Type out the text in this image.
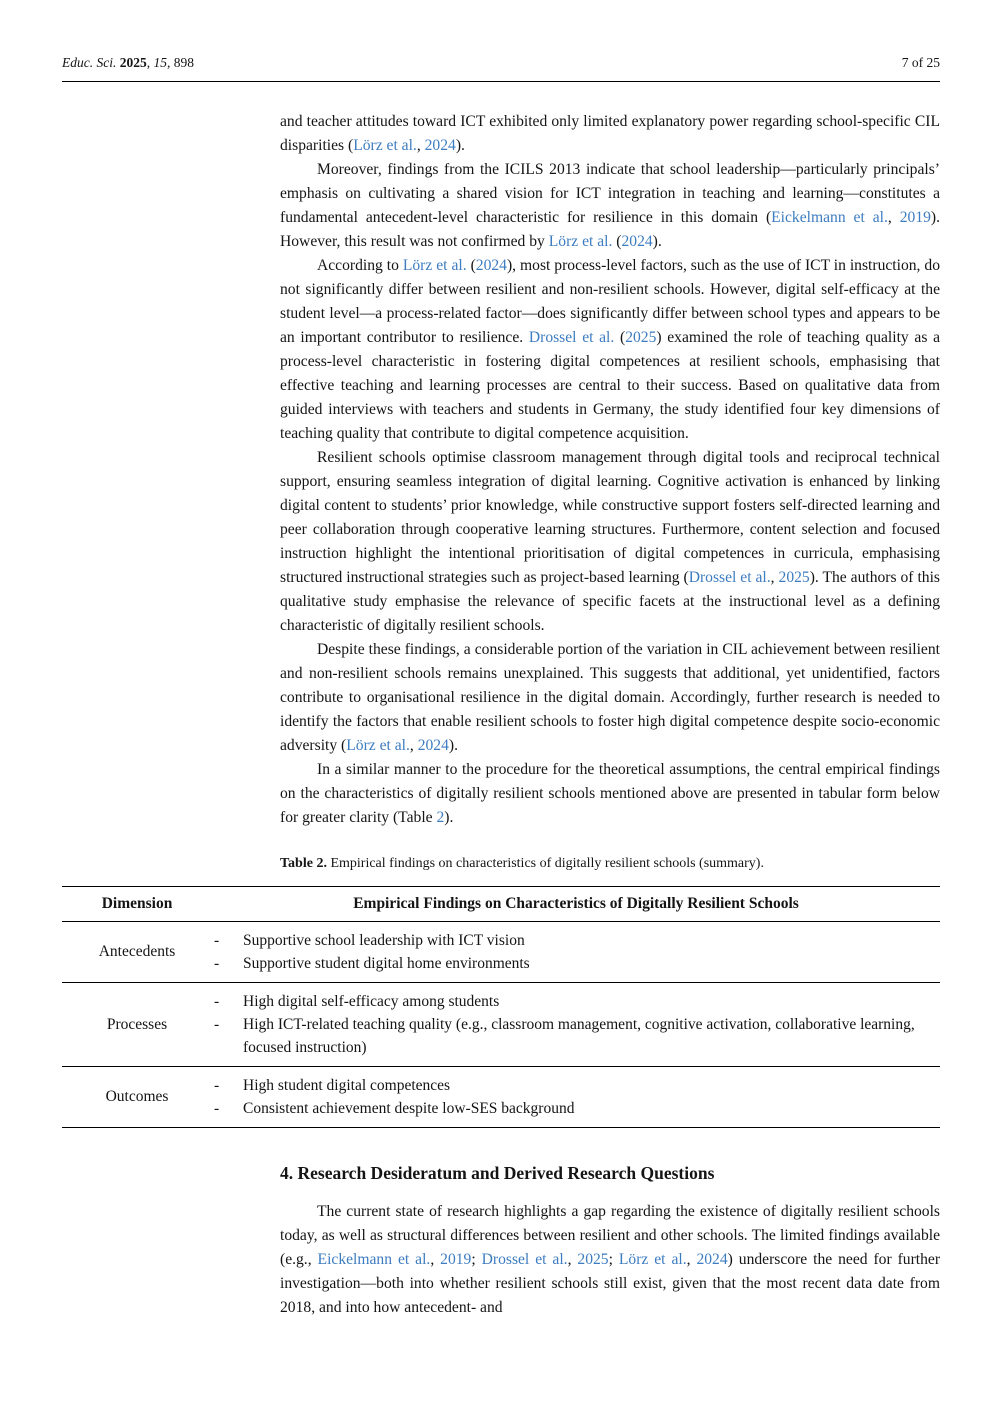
Educ. Sci. 2025, 15, 898	7 of 25

and teacher attitudes toward ICT exhibited only limited explanatory power regarding school-specific CIL disparities (Lörz et al., 2024).

Moreover, findings from the ICILS 2013 indicate that school leadership—particularly principals’ emphasis on cultivating a shared vision for ICT integration in teaching and learning—constitutes a fundamental antecedent-level characteristic for resilience in this domain (Eickelmann et al., 2019). However, this result was not confirmed by Lörz et al. (2024).

According to Lörz et al. (2024), most process-level factors, such as the use of ICT in instruction, do not significantly differ between resilient and non-resilient schools. However, digital self-efficacy at the student level—a process-related factor—does significantly differ between school types and appears to be an important contributor to resilience. Drossel et al. (2025) examined the role of teaching quality as a process-level characteristic in fostering digital competences at resilient schools, emphasising that effective teaching and learning processes are central to their success. Based on qualitative data from guided interviews with teachers and students in Germany, the study identified four key dimensions of teaching quality that contribute to digital competence acquisition.

Resilient schools optimise classroom management through digital tools and reciprocal technical support, ensuring seamless integration of digital learning. Cognitive activation is enhanced by linking digital content to students’ prior knowledge, while constructive support fosters self-directed learning and peer collaboration through cooperative learning structures. Furthermore, content selection and focused instruction highlight the intentional prioritisation of digital competences in curricula, emphasising structured instructional strategies such as project-based learning (Drossel et al., 2025). The authors of this qualitative study emphasise the relevance of specific facets at the instructional level as a defining characteristic of digitally resilient schools.

Despite these findings, a considerable portion of the variation in CIL achievement between resilient and non-resilient schools remains unexplained. This suggests that additional, yet unidentified, factors contribute to organisational resilience in the digital domain. Accordingly, further research is needed to identify the factors that enable resilient schools to foster high digital competence despite socio-economic adversity (Lörz et al., 2024).

In a similar manner to the procedure for the theoretical assumptions, the central empirical findings on the characteristics of digitally resilient schools mentioned above are presented in tabular form below for greater clarity (Table 2).

Table 2. Empirical findings on characteristics of digitally resilient schools (summary).
Dimension	Empirical Findings on Characteristics of Digitally Resilient Schools
Antecedents	- Supportive school leadership with ICT vision
- Supportive student digital home environments

Processes	- High digital self-efficacy among students
- High ICT-related teaching quality (e.g., classroom management, cognitive activation, collaborative learning, focused instruction)

Outcomes	- High student digital competences
- Consistent achievement despite low-SES background
4. Research Desideratum and Derived Research Questions

The current state of research highlights a gap regarding the existence of digitally resilient schools today, as well as structural differences between resilient and other schools. The limited findings available (e.g., Eickelmann et al., 2019; Drossel et al., 2025; Lörz et al., 2024) underscore the need for further investigation—both into whether resilient schools still exist, given that the most recent data date from 2018, and into how antecedent- and
